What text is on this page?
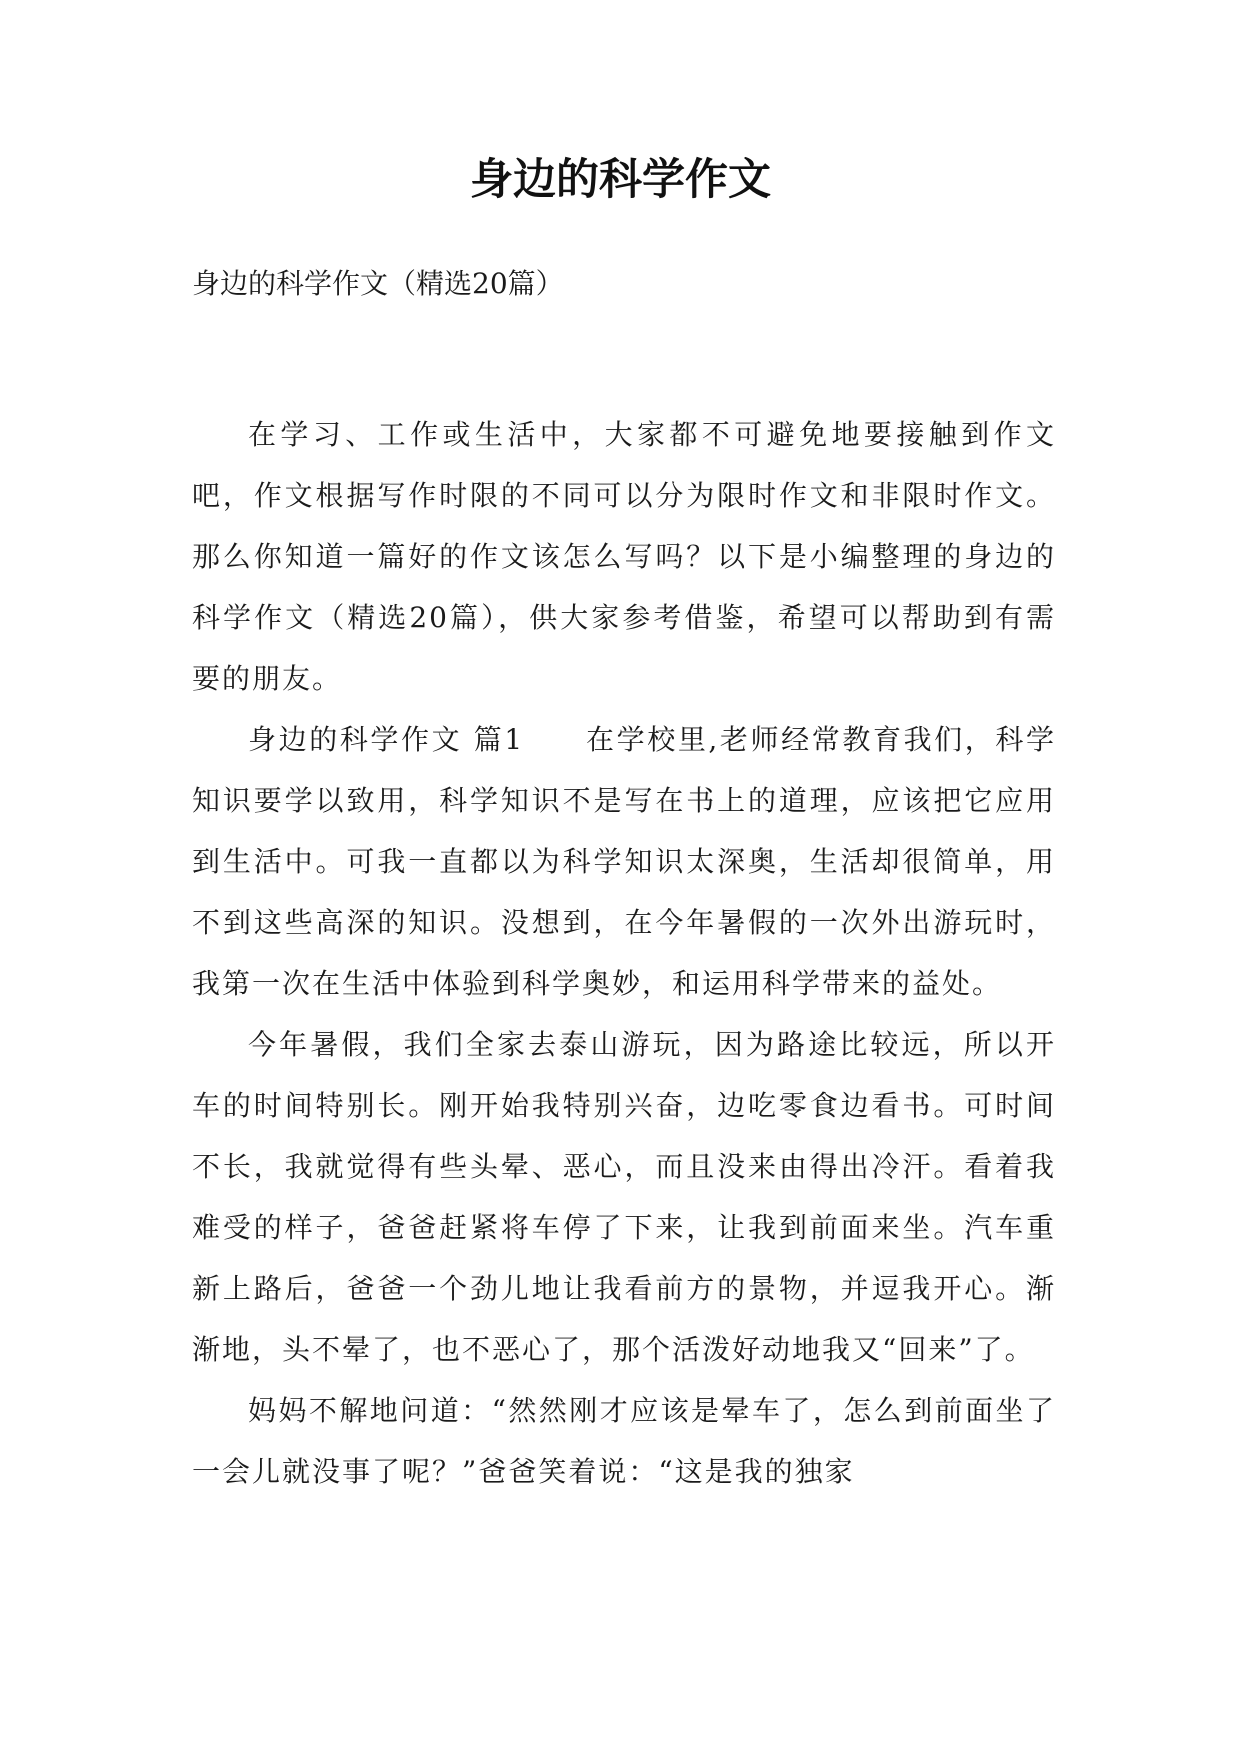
身边的科学作文
身边的科学作文（精选20篇）

在学习、工作或生活中，大家都不可避免地要接触到作文吧，作文根据写作时限的不同可以分为限时作文和非限时作文。那么你知道一篇好的作文该怎么写吗？以下是小编整理的身边的科学作文（精选20篇），供大家参考借鉴，希望可以帮助到有需要的朋友。

身边的科学作文 篇1　　在学校里,老师经常教育我们，科学知识要学以致用，科学知识不是写在书上的道理，应该把它应用到生活中。可我一直都以为科学知识太深奥，生活却很简单，用不到这些高深的知识。没想到，在今年暑假的一次外出游玩时，我第一次在生活中体验到科学奥妙，和运用科学带来的益处。

今年暑假，我们全家去泰山游玩，因为路途比较远，所以开车的时间特别长。刚开始我特别兴奋，边吃零食边看书。可时间不长，我就觉得有些头晕、恶心，而且没来由得出冷汗。看着我难受的样子，爸爸赶紧将车停了下来，让我到前面来坐。汽车重新上路后，爸爸一个劲儿地让我看前方的景物，并逗我开心。渐渐地，头不晕了，也不恶心了，那个活泼好动地我又“回来”了。

妈妈不解地问道：“然然刚才应该是晕车了，怎么到前面坐了一会儿就没事了呢？”爸爸笑着说：“这是我的独家
